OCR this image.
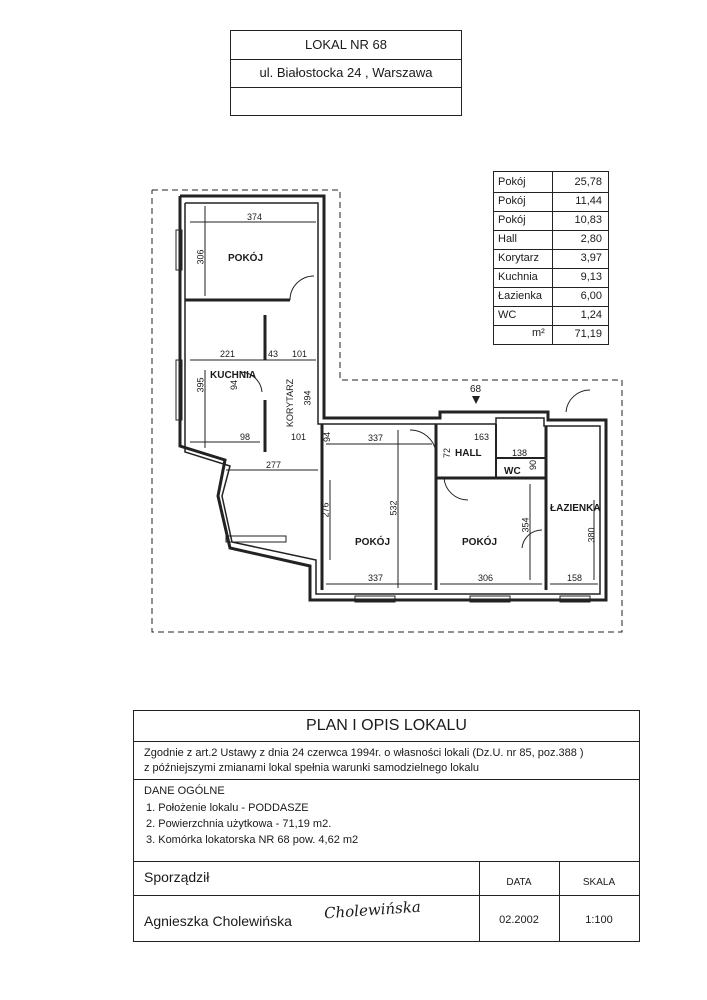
LOKAL NR 68
ul. Białostocka 24 , Warszawa
Pokój	25,78
Pokój	11,44
Pokój	10,83
Hall	2,80
Korytarz	3,97
Kuchnia	9,13
Łazienka	6,00
WC	1,24
m²	71,19
POKÓJ
KUCHNIA
KORYTARZ
POKÓJ	POKÓJ
HALL
WC
ŁAZIENKA
68
374
306
221	43 101
395	94
394
98	101 94
277
337
276	532
337
72
163
138
90
354
306
380
158
PLAN I OPIS LOKALU
Zgodnie z art.2 Ustawy z dnia 24 czerwca 1994r. o własności lokali (Dz.U. nr 85, poz.388 )
z późniejszymi zmianami lokal spełnia warunki samodzielnego lokalu
DANE OGÓLNE
1. Położenie lokalu - PODDASZE
2. Powierzchnia użytkowa - 71,19 m2.
3. Komórka lokatorska NR 68 pow. 4,62 m2
Sporządził
Agnieszka Cholewińska Cholewińska
DATA
02.2002
SKALA
1:100
